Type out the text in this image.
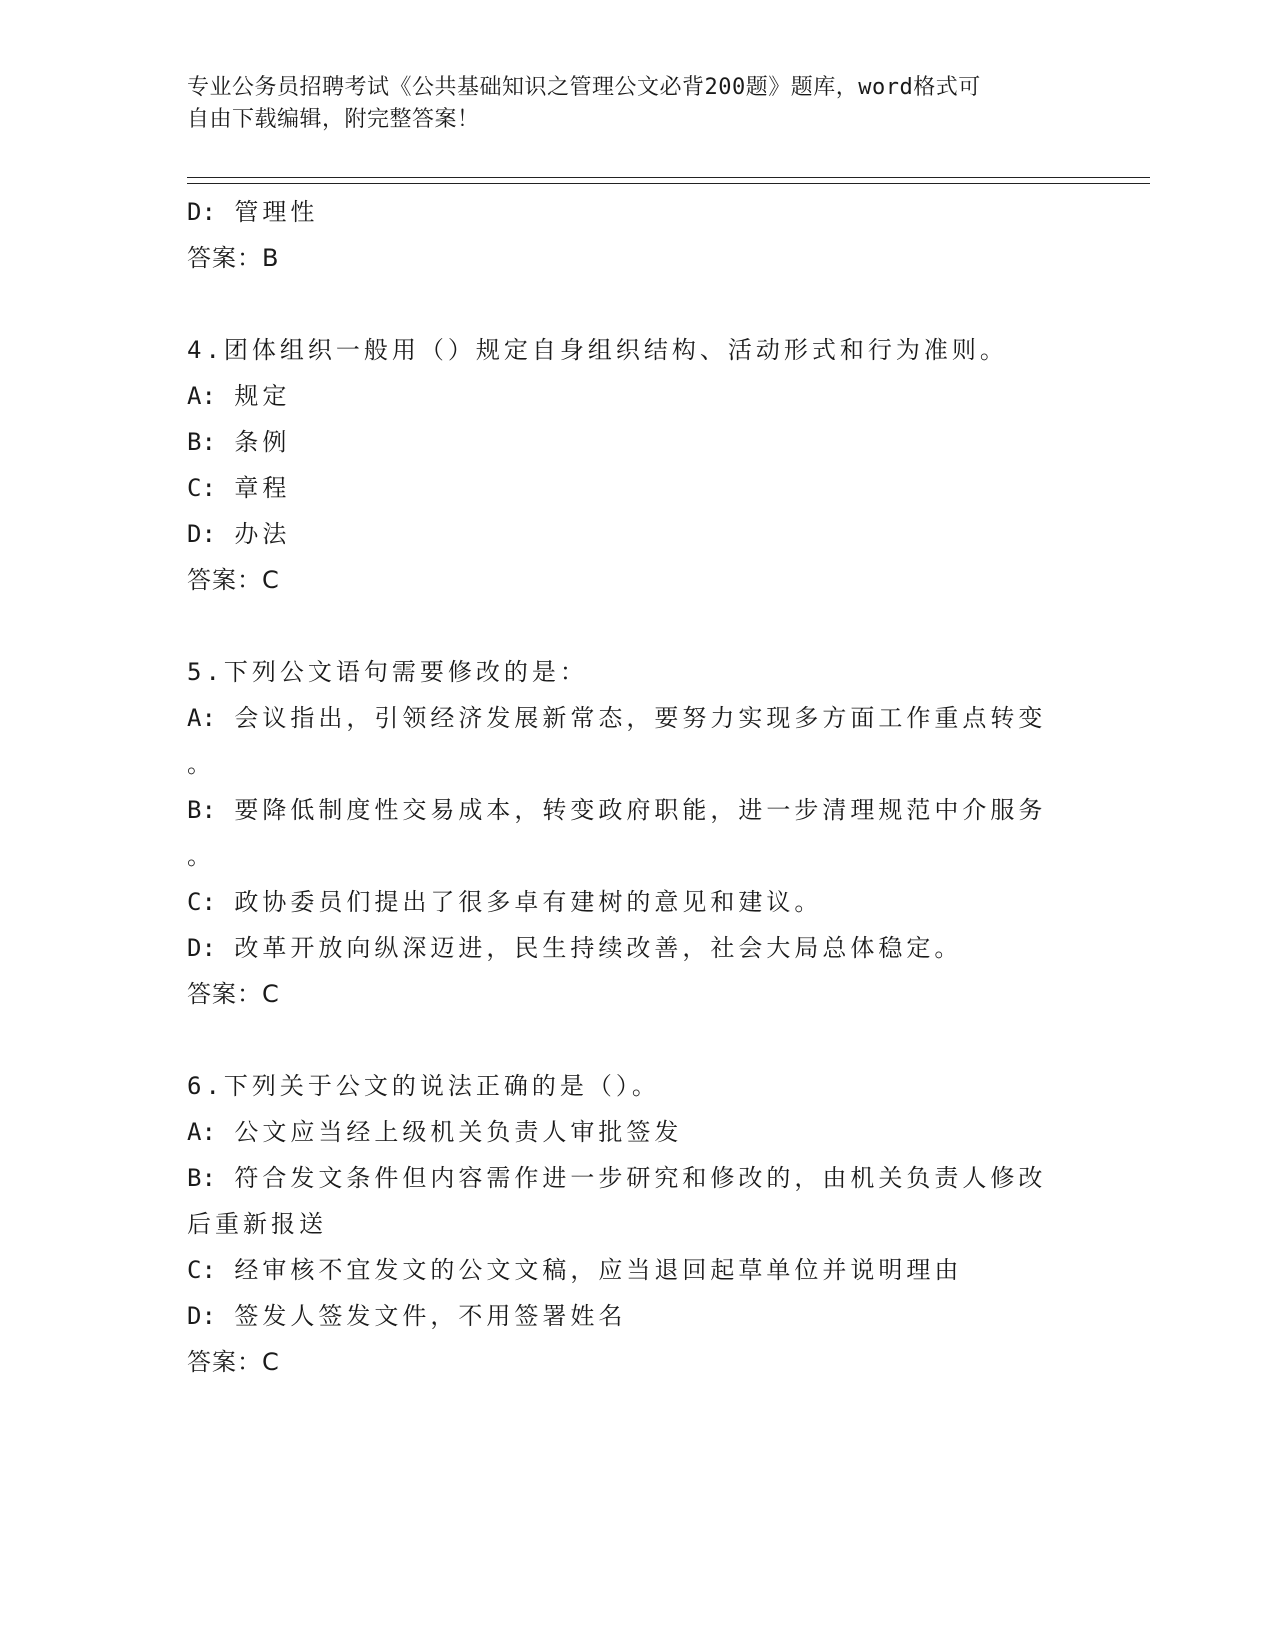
专业公务员招聘考试《公共基础知识之管理公文必背200题》题库，word格式可
自由下载编辑，附完整答案！
D: 管理性
答案：B
4.团体组织一般用（）规定自身组织结构、活动形式和行为准则。
A: 规定
B: 条例
C: 章程
D: 办法
答案：C
5.下列公文语句需要修改的是：
A: 会议指出，引领经济发展新常态，要努力实现多方面工作重点转变
。
B: 要降低制度性交易成本，转变政府职能，进一步清理规范中介服务
。
C: 政协委员们提出了很多卓有建树的意见和建议。
D: 改革开放向纵深迈进，民生持续改善，社会大局总体稳定。
答案：C
6.下列关于公文的说法正确的是（）。
A: 公文应当经上级机关负责人审批签发
B: 符合发文条件但内容需作进一步研究和修改的，由机关负责人修改
后重新报送
C: 经审核不宜发文的公文文稿，应当退回起草单位并说明理由
D: 签发人签发文件，不用签署姓名
答案：C
